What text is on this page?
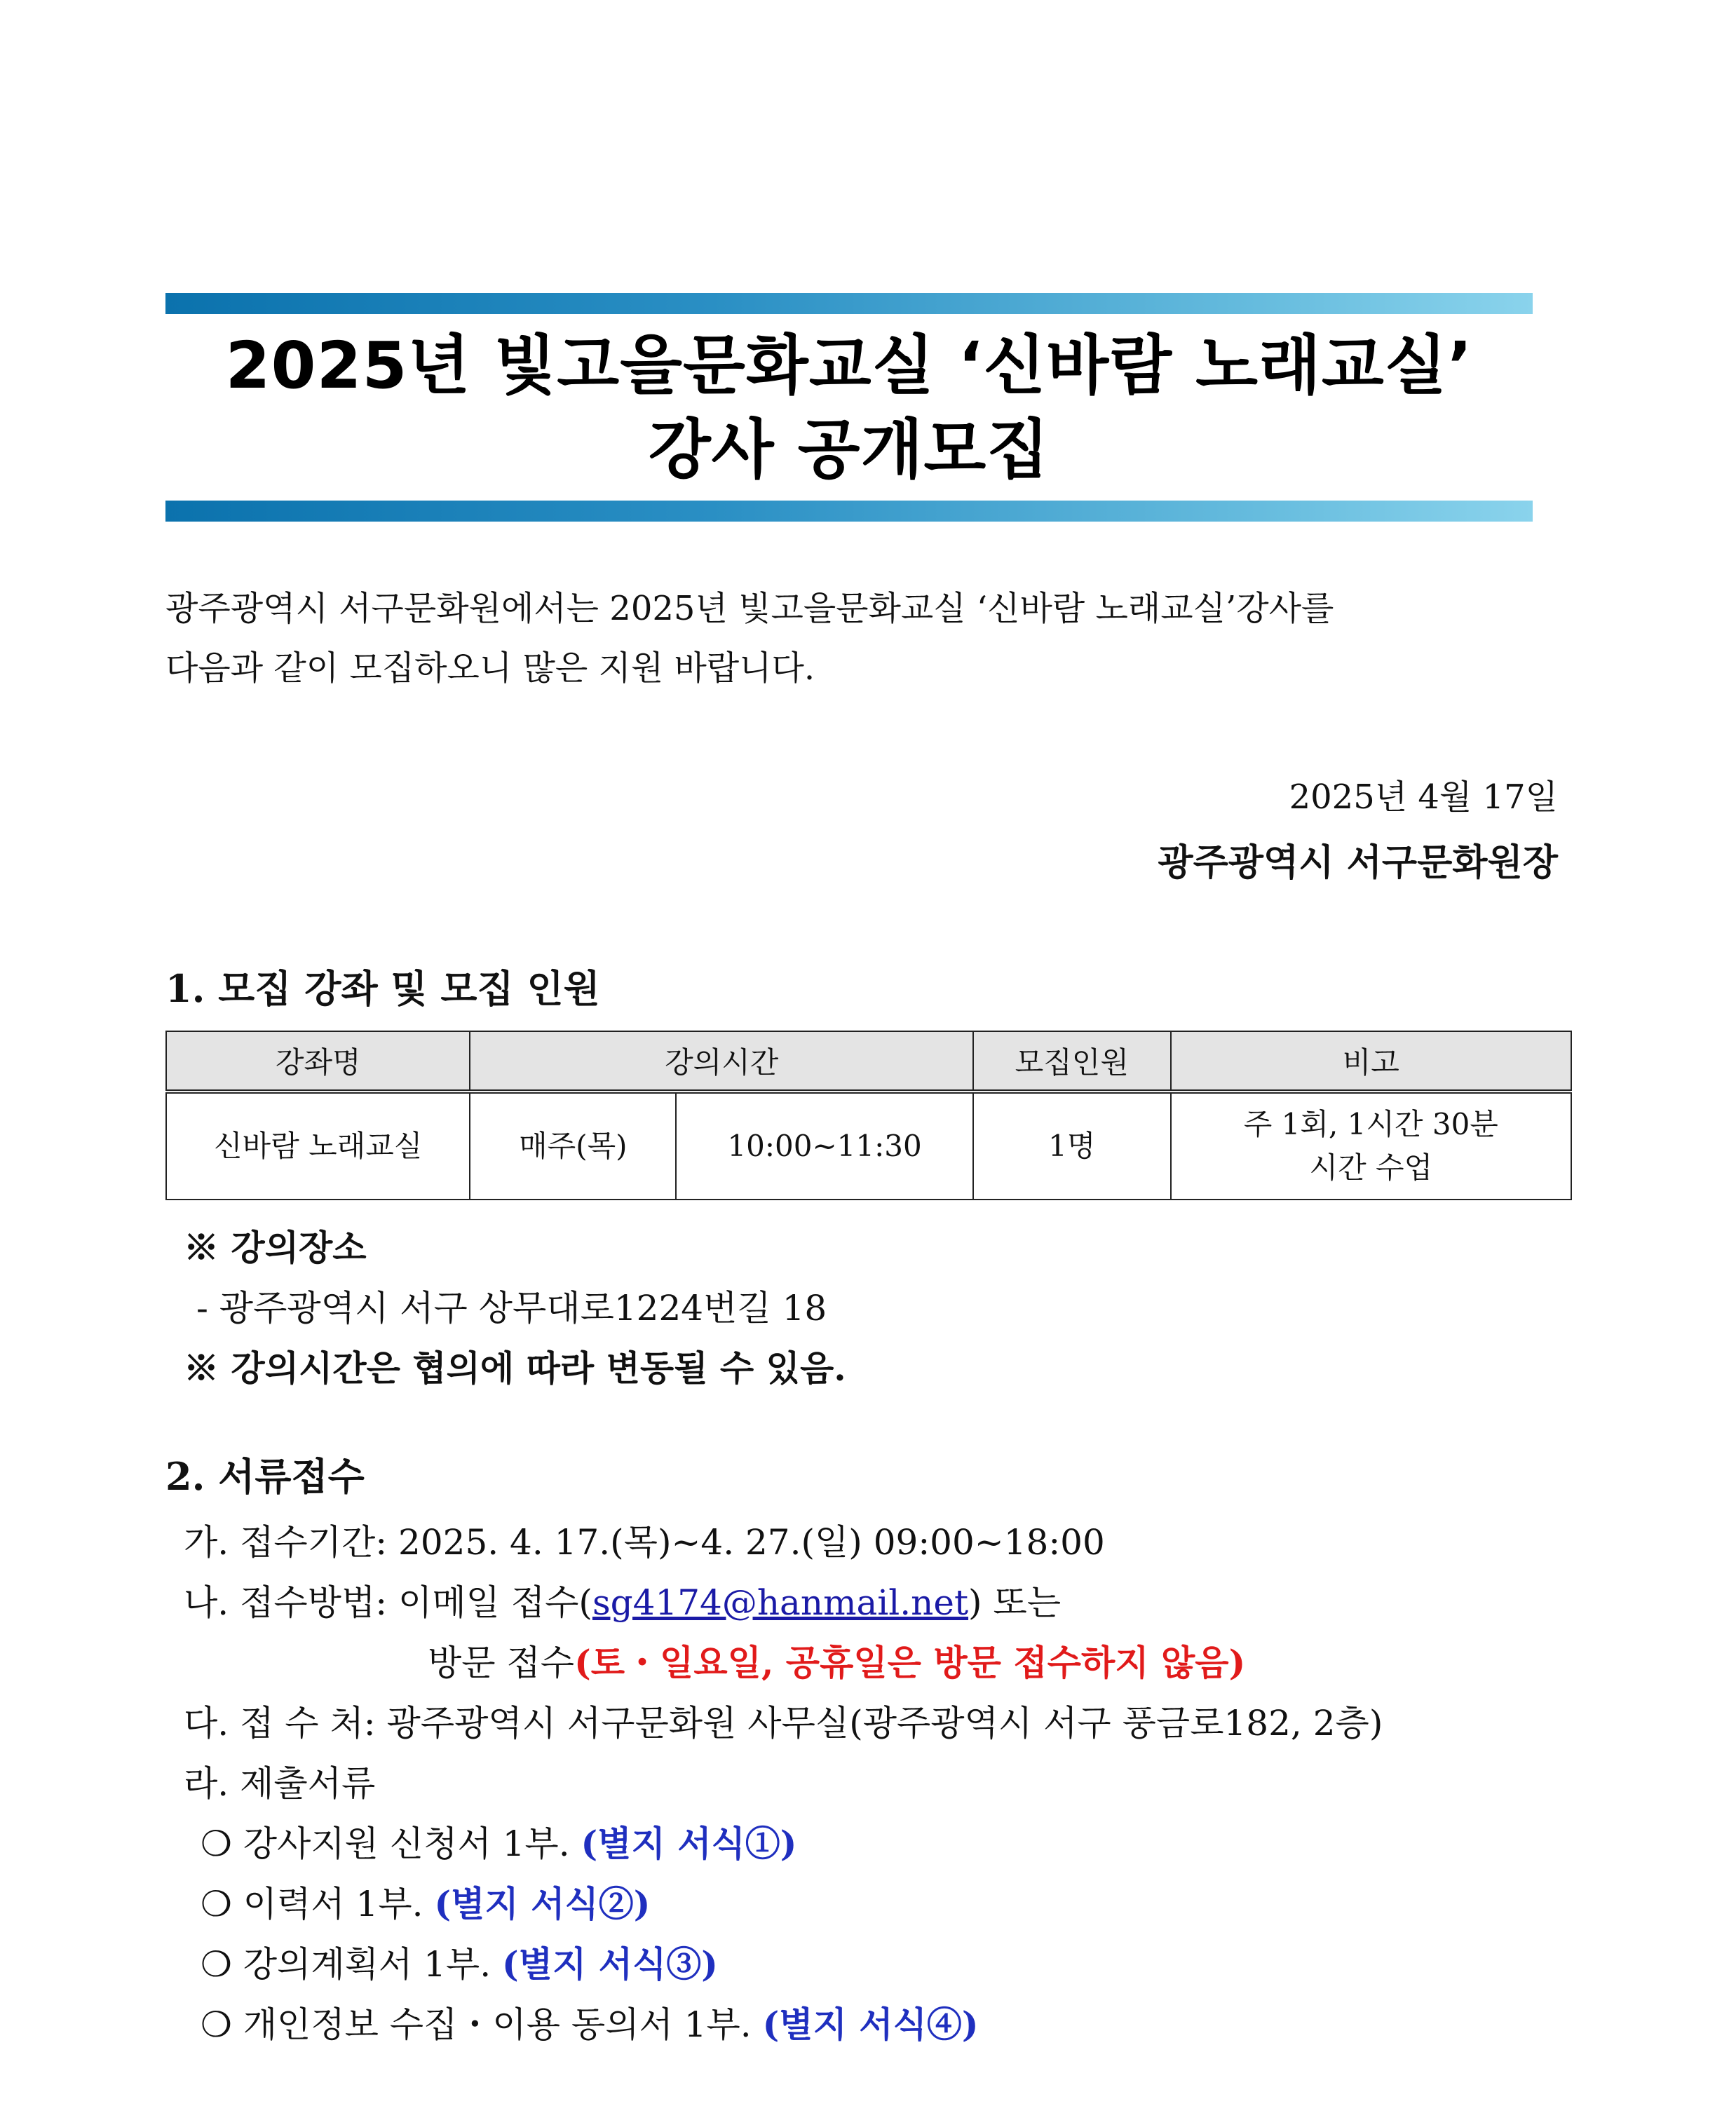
2025년 빛고을문화교실 ‘신바람 노래교실’
강사 공개모집
광주광역시 서구문화원에서는 2025년 빛고을문화교실 ‘신바람 노래교실’강사를
다음과 같이 모집하오니 많은 지원 바랍니다.
2025년 4월 17일
광주광역시 서구문화원장
1. 모집 강좌 및 모집 인원
강좌명	강의시간		모집인원	비고
신바람 노래교실	매주(목)	10:00~11:30	1명	주 1회, 1시간 30분
시간 수업
※ 강의장소
- 광주광역시 서구 상무대로1224번길 18
※ 강의시간은 협의에 따라 변동될 수 있음.
2. 서류접수
가. 접수기간: 2025. 4. 17.(목)~4. 27.(일) 09:00~18:00
나. 접수방법: 이메일 접수(sg4174@hanmail.net) 또는
방문 접수(토・일요일, 공휴일은 방문 접수하지 않음)
다. 접 수 처: 광주광역시 서구문화원 사무실(광주광역시 서구 풍금로182, 2층)
라. 제출서류
❍ 강사지원 신청서 1부. (별지 서식①)
❍ 이력서 1부. (별지 서식②)
❍ 강의계획서 1부. (별지 서식③)
❍ 개인정보 수집・이용 동의서 1부. (별지 서식④)
